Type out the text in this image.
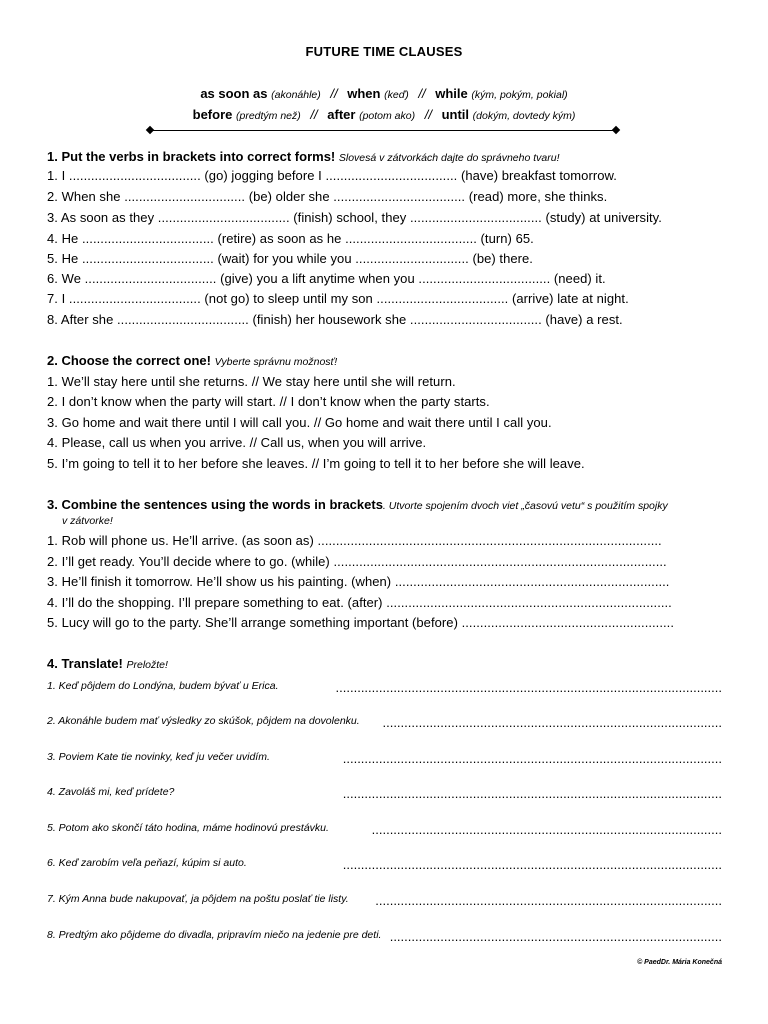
FUTURE TIME CLAUSES
as soon as (akonáhle) // when (keď) // while (kým, pokým, pokial)
before (predtým než) // after (potom ako) // until (dokým, dovtedy kým)
1. Put the verbs in brackets into correct forms! Slovesá v zátvorkách dajte do správneho tvaru!
1. I .................................... (go) jogging before I .................................... (have) breakfast tomorrow.
2. When she ................................. (be) older she .................................... (read) more, she thinks.
3. As soon as they .................................... (finish) school, they .................................... (study) at university.
4. He .................................... (retire) as soon as he .................................... (turn) 65.
5. He .................................... (wait) for you while you ............................... (be) there.
6. We .................................... (give) you a lift anytime when you .................................... (need) it.
7. I .................................... (not go) to sleep until my son .................................... (arrive) late at night.
8. After she .................................... (finish) her housework she .................................... (have) a rest.
2. Choose the correct one! Vyberte správnu možnosť!
1. We’ll stay here until she returns. // We stay here until she will return.
2. I don’t know when the party will start. // I don’t know when the party starts.
3. Go home and wait there until I will call you. // Go home and wait there until I call you.
4. Please, call us when you arrive. // Call us, when you will arrive.
5. I’m going to tell it to her before she leaves. // I’m going to tell it to her before she will leave.
3. Combine the sentences using the words in brackets. Utvorte spojením dvoch viet „časovú vetu“ s použitím spojky
v zátvorke!
1. Rob will phone us. He’ll arrive. (as soon as) ..............................................................................................
2. I’ll get ready. You’ll decide where to go. (while) ...........................................................................................
3. He’ll finish it tomorrow. He’ll show us his painting. (when) ...........................................................................
4. I’ll do the shopping. I’ll prepare something to eat. (after) ..............................................................................
5. Lucy will go to the party. She’ll arrange something important (before) ..........................................................
4. Translate! Preložte!
1. Keď pôjdem do Londýna, budem bývať u Erica.	...........................................................................................................
2. Akonáhle budem mať výsledky zo skúšok, pôjdem na dovolenku. ..............................................................................................
3. Poviem Kate tie novinky, keď ju večer uvidím.	.........................................................................................................
4. Zavoláš mi, keď prídete?	.........................................................................................................
5. Potom ako skončí táto hodina, máme hodinovú prestávku.	.................................................................................................
6. Keď zarobím veľa peňazí, kúpim si auto.	.........................................................................................................
7. Kým Anna bude nakupovať, ja pôjdem na poštu poslať tie listy. ................................................................................................
8. Predtým ako pôjdeme do divadla, pripravím niečo na jedenie pre deti. ............................................................................................
© PaedDr. Mária Konečná
